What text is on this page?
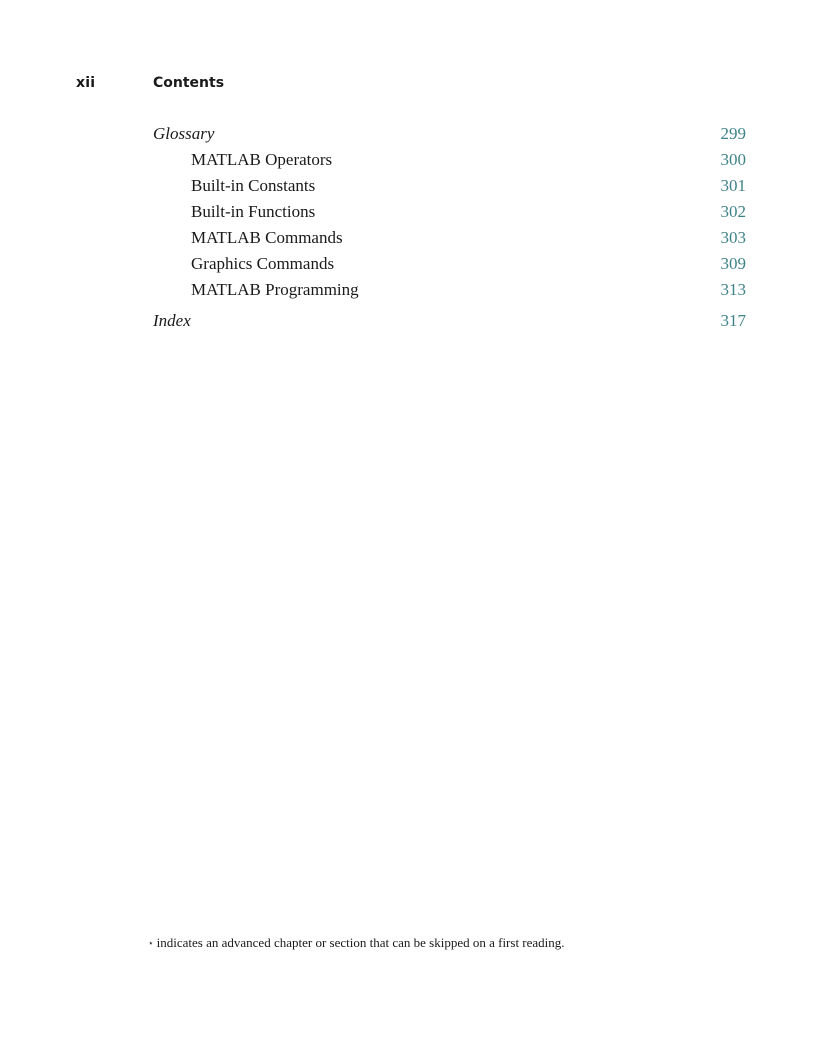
xii	Contents
Glossary	299
MATLAB Operators	300
Built-in Constants	301
Built-in Functions	302
MATLAB Commands	303
Graphics Commands	309
MATLAB Programming	313
Index	317
⋆ indicates an advanced chapter or section that can be skipped on a first reading.
